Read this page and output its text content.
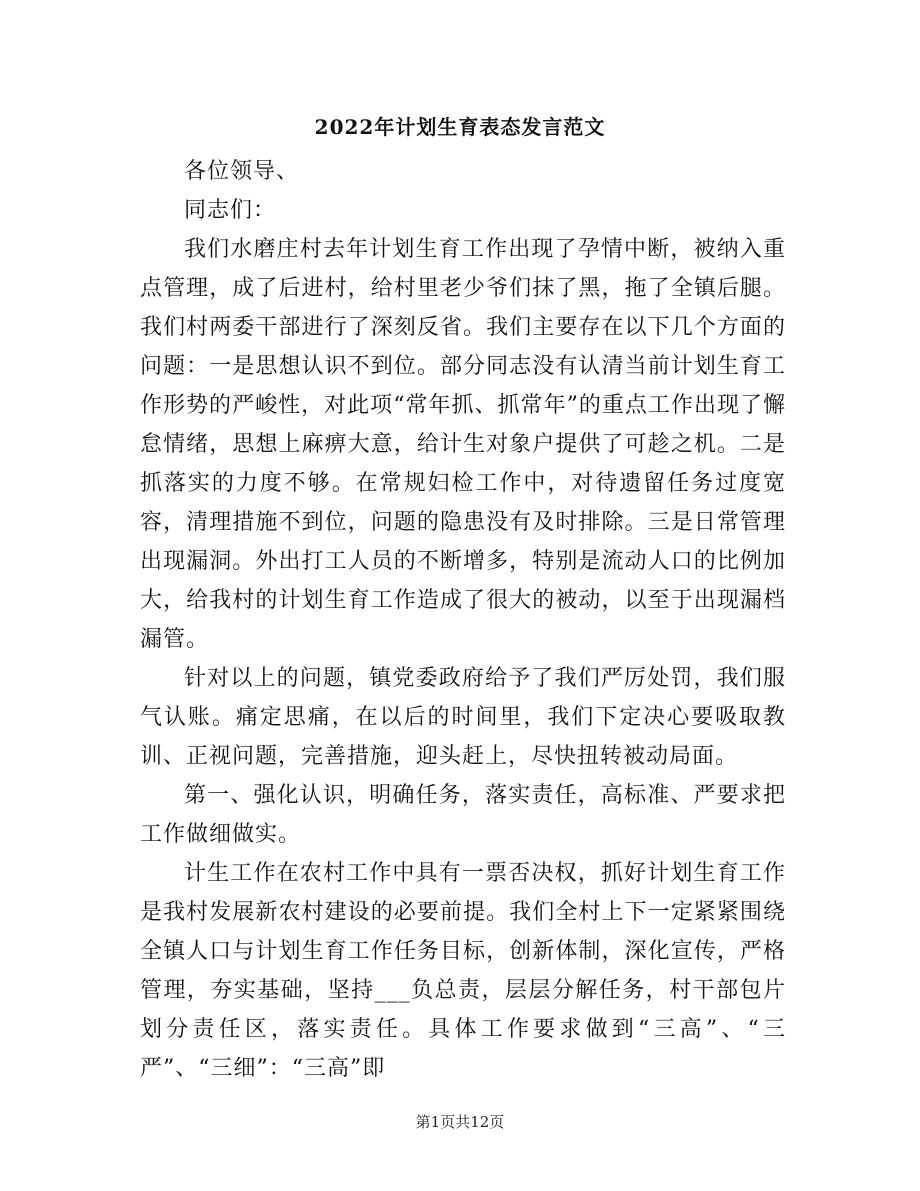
2022年计划生育表态发言范文

各位领导、

同志们：

我们水磨庄村去年计划生育工作出现了孕情中断，被纳入重点管理，成了后进村，给村里老少爷们抹了黑，拖了全镇后腿。我们村两委干部进行了深刻反省。我们主要存在以下几个方面的问题：一是思想认识不到位。部分同志没有认清当前计划生育工作形势的严峻性，对此项“常年抓、抓常年”的重点工作出现了懈怠情绪，思想上麻痹大意，给计生对象户提供了可趁之机。二是抓落实的力度不够。在常规妇检工作中，对待遗留任务过度宽容，清理措施不到位，问题的隐患没有及时排除。三是日常管理出现漏洞。外出打工人员的不断增多，特别是流动人口的比例加大，给我村的计划生育工作造成了很大的被动，以至于出现漏档漏管。

针对以上的问题，镇党委政府给予了我们严厉处罚，我们服气认账。痛定思痛，在以后的时间里，我们下定决心要吸取教训、正视问题，完善措施，迎头赶上，尽快扭转被动局面。

第一、强化认识，明确任务，落实责任，高标准、严要求把工作做细做实。

计生工作在农村工作中具有一票否决权，抓好计划生育工作是我村发展新农村建设的必要前提。我们全村上下一定紧紧围绕全镇人口与计划生育工作任务目标，创新体制，深化宣传，严格管理，夯实基础，坚持___负总责，层层分解任务，村干部包片划分责任区，落实责任。具体工作要求做到“三高”、“三严”、“三细”：“三高”即

第1页共12页
